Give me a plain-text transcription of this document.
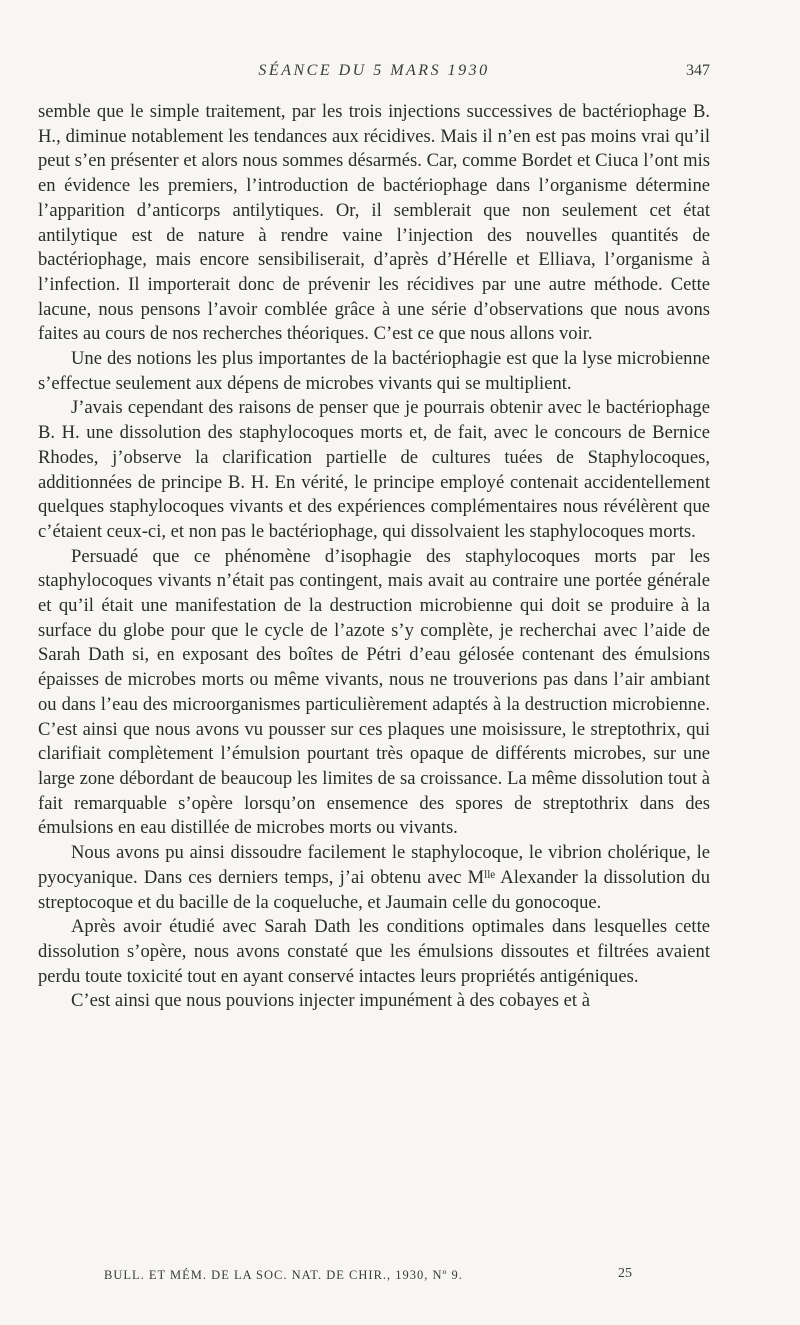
SÉANCE DU 5 MARS 1930	347

semble que le simple traitement, par les trois injections successives de bactériophage B. H., diminue notablement les tendances aux récidives. Mais il n’en est pas moins vrai qu’il peut s’en présenter et alors nous sommes désarmés. Car, comme Bordet et Ciuca l’ont mis en évidence les premiers, l’introduction de bactériophage dans l’organisme détermine l’apparition d’anticorps antilytiques. Or, il semblerait que non seulement cet état antilytique est de nature à rendre vaine l’injection des nouvelles quantités de bactériophage, mais encore sensibiliserait, d’après d’Hérelle et Elliava, l’organisme à l’infection. Il importerait donc de prévenir les récidives par une autre méthode. Cette lacune, nous pensons l’avoir comblée grâce à une série d’observations que nous avons faites au cours de nos recherches théoriques. C’est ce que nous allons voir.

Une des notions les plus importantes de la bactériophagie est que la lyse microbienne s’effectue seulement aux dépens de microbes vivants qui se multiplient.

J’avais cependant des raisons de penser que je pourrais obtenir avec le bactériophage B. H. une dissolution des staphylocoques morts et, de fait, avec le concours de Bernice Rhodes, j’observe la clarification partielle de cultures tuées de Staphylocoques, additionnées de principe B. H. En vérité, le principe employé contenait accidentellement quelques staphylocoques vivants et des expériences complémentaires nous révélèrent que c’étaient ceux-ci, et non pas le bactériophage, qui dissolvaient les staphylocoques morts.

Persuadé que ce phénomène d’isophagie des staphylocoques morts par les staphylocoques vivants n’était pas contingent, mais avait au contraire une portée générale et qu’il était une manifestation de la destruction microbienne qui doit se produire à la surface du globe pour que le cycle de l’azote s’y complète, je recherchai avec l’aide de Sarah Dath si, en exposant des boîtes de Pétri d’eau gélosée contenant des émulsions épaisses de microbes morts ou même vivants, nous ne trouverions pas dans l’air ambiant ou dans l’eau des microorganismes particulièrement adaptés à la destruction microbienne. C’est ainsi que nous avons vu pousser sur ces plaques une moisissure, le streptothrix, qui clarifiait complètement l’émulsion pourtant très opaque de différents microbes, sur une large zone débordant de beaucoup les limites de sa croissance. La même dissolution tout à fait remarquable s’opère lorsqu’on ensemence des spores de streptothrix dans des émulsions en eau distillée de microbes morts ou vivants.

Nous avons pu ainsi dissoudre facilement le staphylocoque, le vibrion cholérique, le pyocyanique. Dans ces derniers temps, j’ai obtenu avec Mˡˡᵉ Alexander la dissolution du streptocoque et du bacille de la coqueluche, et Jaumain celle du gonocoque.

Après avoir étudié avec Sarah Dath les conditions optimales dans lesquelles cette dissolution s’opère, nous avons constaté que les émulsions dissoutes et filtrées avaient perdu toute toxicité tout en ayant conservé intactes leurs propriétés antigéniques.

C’est ainsi que nous pouvions injecter impunément à des cobayes et à

BULL. ET MÉM. DE LA SOC. NAT. DE CHIR., 1930, Nº 9.	25
